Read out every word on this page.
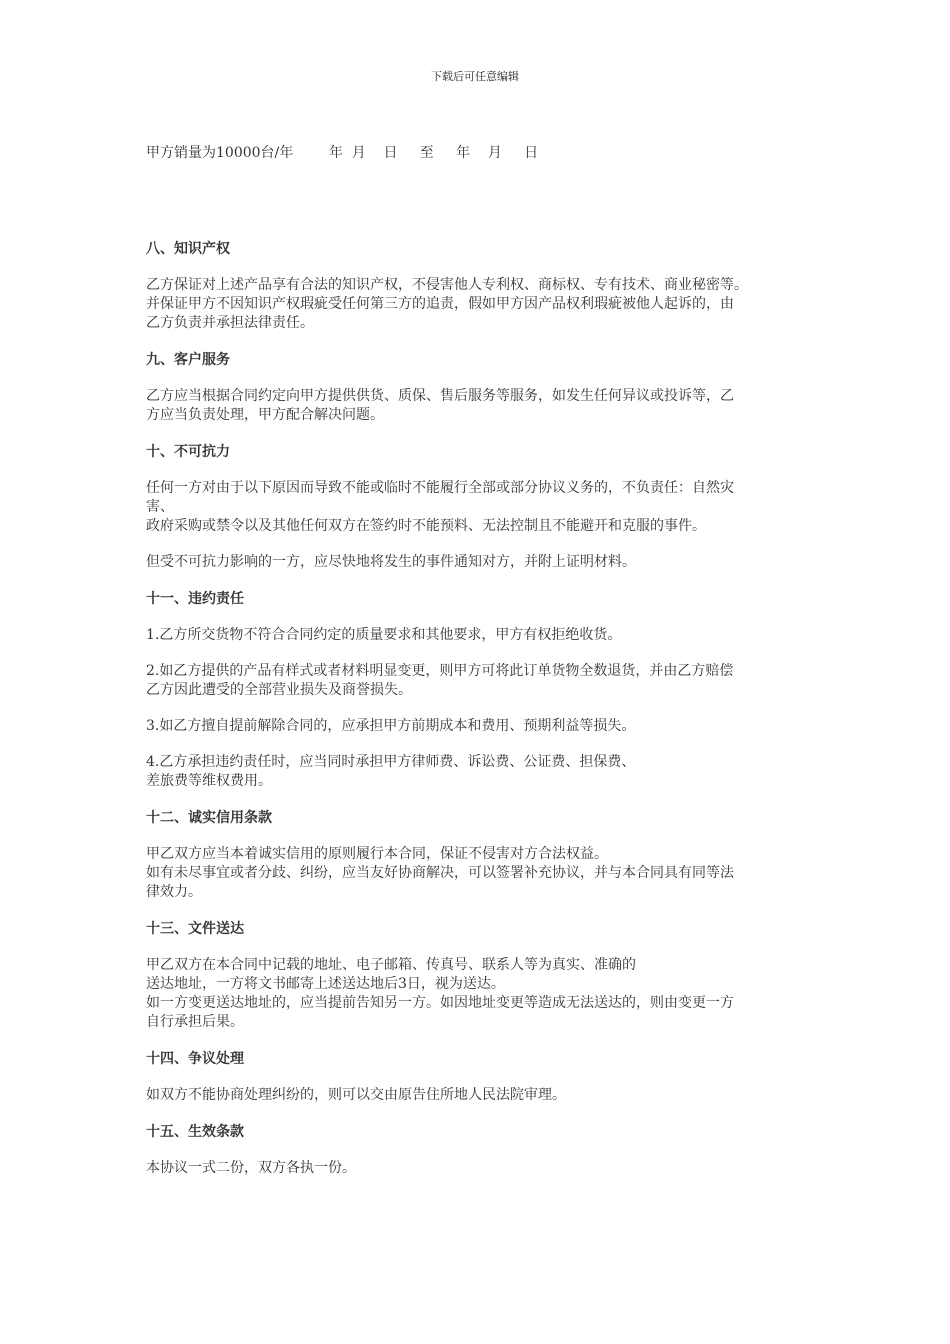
下载后可任意编辑
甲方销量为10000台/年        年  月    日     至     年    月     日
八、知识产权
乙方保证对上述产品享有合法的知识产权，不侵害他人专利权、商标权、专有技术、商业秘密等。
并保证甲方不因知识产权瑕疵受任何第三方的追责，假如甲方因产品权利瑕疵被他人起诉的，由
乙方负责并承担法律责任。
九、客户服务
乙方应当根据合同约定向甲方提供供货、质保、售后服务等服务，如发生任何异议或投诉等，乙
方应当负责处理，甲方配合解决问题。
十、不可抗力
任何一方对由于以下原因而导致不能或临时不能履行全部或部分协议义务的，不负责任：自然灾
害、
政府采购或禁令以及其他任何双方在签约时不能预料、无法控制且不能避开和克服的事件。
但受不可抗力影响的一方，应尽快地将发生的事件通知对方，并附上证明材料。
十一、违约责任
1.乙方所交货物不符合合同约定的质量要求和其他要求，甲方有权拒绝收货。
2.如乙方提供的产品有样式或者材料明显变更，则甲方可将此订单货物全数退货，并由乙方赔偿
乙方因此遭受的全部营业损失及商誉损失。
3.如乙方擅自提前解除合同的，应承担甲方前期成本和费用、预期利益等损失。
4.乙方承担违约责任时，应当同时承担甲方律师费、诉讼费、公证费、担保费、
差旅费等维权费用。
十二、诚实信用条款
甲乙双方应当本着诚实信用的原则履行本合同，保证不侵害对方合法权益。
如有未尽事宜或者分歧、纠纷，应当友好协商解决，可以签署补充协议，并与本合同具有同等法
律效力。
十三、文件送达
甲乙双方在本合同中记载的地址、电子邮箱、传真号、联系人等为真实、准确的
送达地址，一方将文书邮寄上述送达地后3日，视为送达。
如一方变更送达地址的，应当提前告知另一方。如因地址变更等造成无法送达的，则由变更一方
自行承担后果。
十四、争议处理
如双方不能协商处理纠纷的，则可以交由原告住所地人民法院审理。
十五、生效条款
本协议一式二份，双方各执一份。
